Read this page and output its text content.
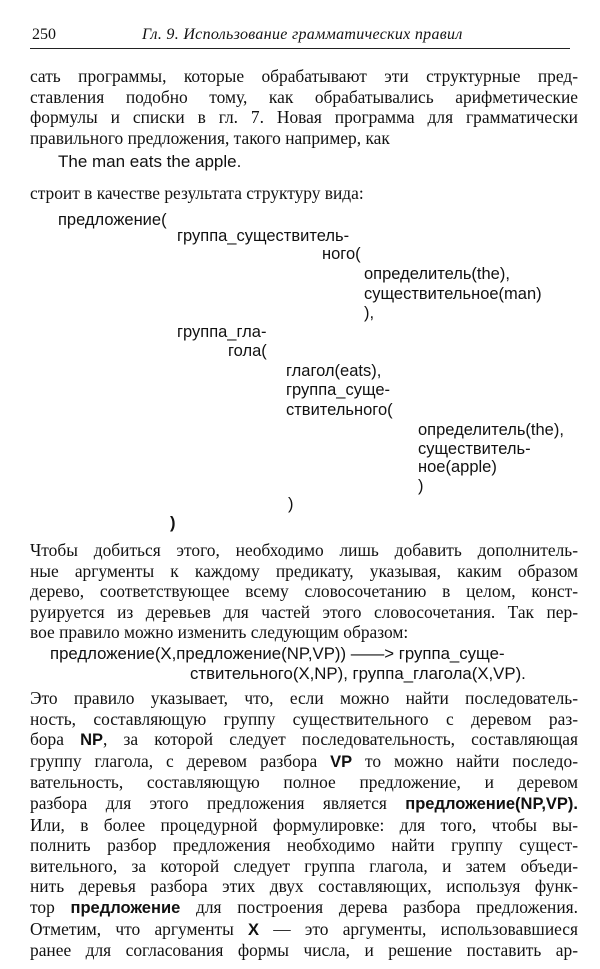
250	Гл. 9. Использование грамматических правил
сать программы, которые обрабатывают эти структурные пред-
ставления подобно тому, как обрабатывались арифметические
формулы и списки в гл. 7. Новая программа для грамматически
правильного предложения, такого например, как
The man eats the apple.
строит в качестве результата структуру вида:
предложение(
группа_существитель-
ного(
определитель(the),
существительное(man)
),
группа_гла-
гола(
глагол(eats),
группа_суще-
ствительного(
определитель(the),
существитель-
ное(apple)
)
)
)
Чтобы добиться этого, необходимо лишь добавить дополнитель-
ные аргументы к каждому предикату, указывая, каким образом
дерево, соответствующее всему словосочетанию в целом, конст-
руируется из деревьев для частей этого словосочетания. Так пер-
вое правило можно изменить следующим образом:
предложение(X,предложение(NP,VP)) ——> группа_суще-
ствительного(X,NP), группа_глагола(X,VP).
Это правило указывает, что, если можно найти последователь-
ность, составляющую группу существительного с деревом раз-
бора NP, за которой следует последовательность, составляющая
группу глагола, с деревом разбора VP то можно найти последо-
вательность, составляющую полное предложение, и деревом
разбора для этого предложения является предложение(NP,VP).
Или, в более процедурной формулировке: для того, чтобы вы-
полнить разбор предложения необходимо найти группу сущест-
вительного, за которой следует группа глагола, и затем объеди-
нить деревья разбора этих двух составляющих, используя функ-
тор предложение для построения дерева разбора предложения.
Отметим, что аргументы X — это аргументы, использовавшиеся
ранее для согласования формы числа, и решение поставить ар-
